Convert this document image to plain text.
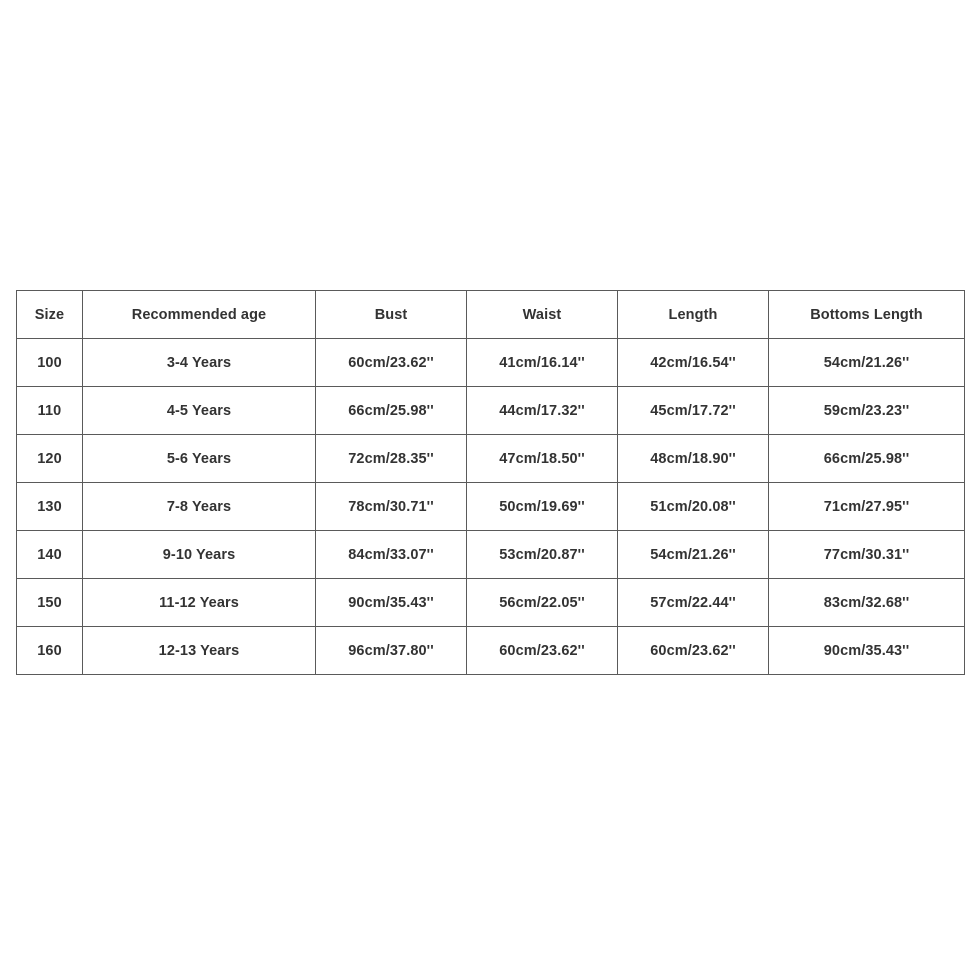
Size	Recommended age	Bust	Waist	Length	Bottoms Length
100	3-4 Years	60cm/23.62''	41cm/16.14''	42cm/16.54''	54cm/21.26''
110	4-5 Years	66cm/25.98''	44cm/17.32''	45cm/17.72''	59cm/23.23''
120	5-6 Years	72cm/28.35''	47cm/18.50''	48cm/18.90''	66cm/25.98''
130	7-8 Years	78cm/30.71''	50cm/19.69''	51cm/20.08''	71cm/27.95''
140	9-10 Years	84cm/33.07''	53cm/20.87''	54cm/21.26''	77cm/30.31''
150	11-12 Years	90cm/35.43''	56cm/22.05''	57cm/22.44''	83cm/32.68''
160	12-13 Years	96cm/37.80''	60cm/23.62''	60cm/23.62''	90cm/35.43''
